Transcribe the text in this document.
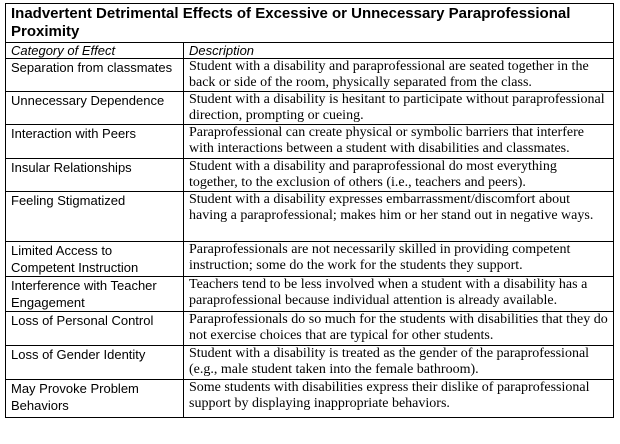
Inadvertent Detrimental Effects of Excessive or Unnecessary Paraprofessional Proximity	
Category of Effect	Description
Separation from classmates	Student with a disability and paraprofessional are seated together in the back or side of the room, physically separated from the class.
Unnecessary Dependence	Student with a disability is hesitant to participate without paraprofessional direction, prompting or cueing.
Interaction with Peers	Paraprofessional can create physical or symbolic barriers that interfere with interactions between a student with disabilities and classmates.
Insular Relationships	Student with a disability and paraprofessional do most everything together, to the exclusion of others (i.e., teachers and peers).
Feeling Stigmatized	Student with a disability expresses embarrassment/discomfort about having a paraprofessional; makes him or her stand out in negative ways.
Limited Access to Competent Instruction	Paraprofessionals are not necessarily skilled in providing competent instruction; some do the work for the students they support.
Interference with Teacher Engagement	Teachers tend to be less involved when a student with a disability has a paraprofessional because individual attention is already available.
Loss of Personal Control	Paraprofessionals do so much for the students with disabilities that they do not exercise choices that are typical for other students.
Loss of Gender Identity	Student with a disability is treated as the gender of the paraprofessional (e.g., male student taken into the female bathroom).
May Provoke Problem Behaviors	Some students with disabilities express their dislike of paraprofessional support by displaying inappropriate behaviors.
